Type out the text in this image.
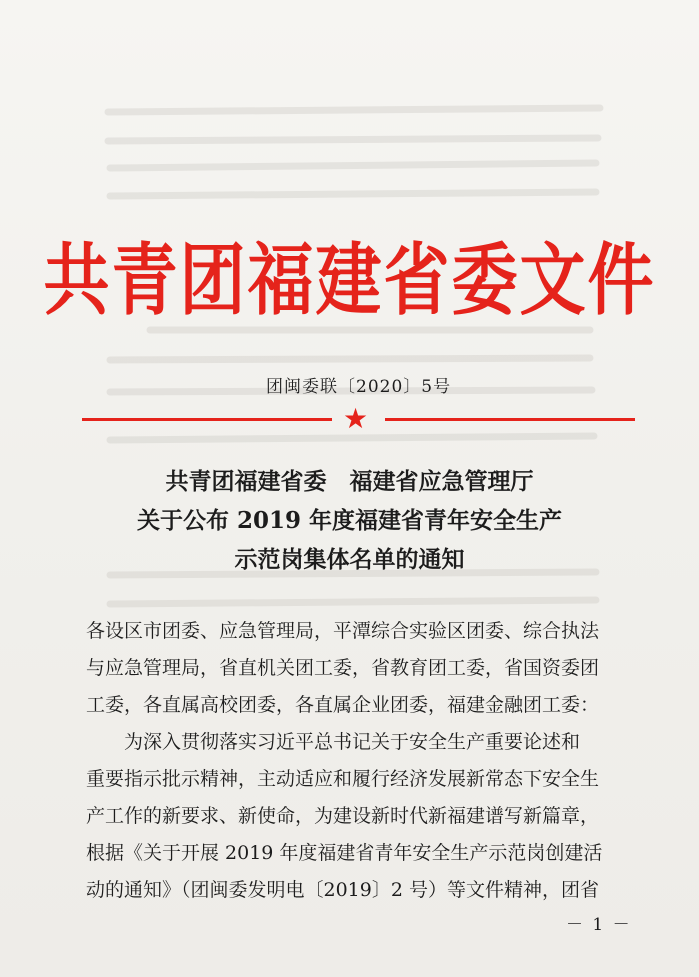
共青团福建省委文件
团闽委联〔2020〕5号
★
共青团福建省委　福建省应急管理厅
关于公布 2019 年度福建省青年安全生产
示范岗集体名单的通知
各设区市团委、应急管理局，平潭综合实验区团委、综合执法
与应急管理局，省直机关团工委，省教育团工委，省国资委团
工委，各直属高校团委，各直属企业团委，福建金融团工委：
　　为深入贯彻落实习近平总书记关于安全生产重要论述和
重要指示批示精神，主动适应和履行经济发展新常态下安全生
产工作的新要求、新使命，为建设新时代新福建谱写新篇章，
根据《关于开展 2019 年度福建省青年安全生产示范岗创建活
动的通知》（团闽委发明电〔2019〕2 号）等文件精神，团省
－ 1 －
